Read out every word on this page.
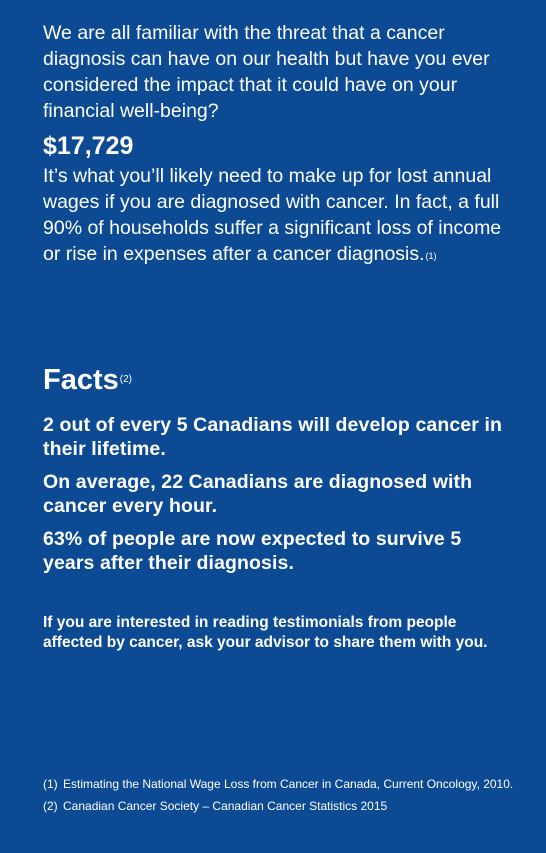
We are all familiar with the threat that a cancer diagnosis can have on our health but have you ever considered the impact that it could have on your financial well-being?

$17,729

It’s what you’ll likely need to make up for lost annual wages if you are diagnosed with cancer. In fact, a full 90% of households suffer a significant loss of income or rise in expenses after a cancer diagnosis.$^{(1)}$

Facts$^{(2)}$

2 out of every 5 Canadians will develop cancer in their lifetime.

On average, 22 Canadians are diagnosed with cancer every hour.

63% of people are now expected to survive 5 years after their diagnosis.

If you are interested in reading testimonials from people affected by cancer, ask your advisor to share them with you.

(1) Estimating the National Wage Loss from Cancer in Canada, Current Oncology, 2010.
(2) Canadian Cancer Society – Canadian Cancer Statistics 2015
